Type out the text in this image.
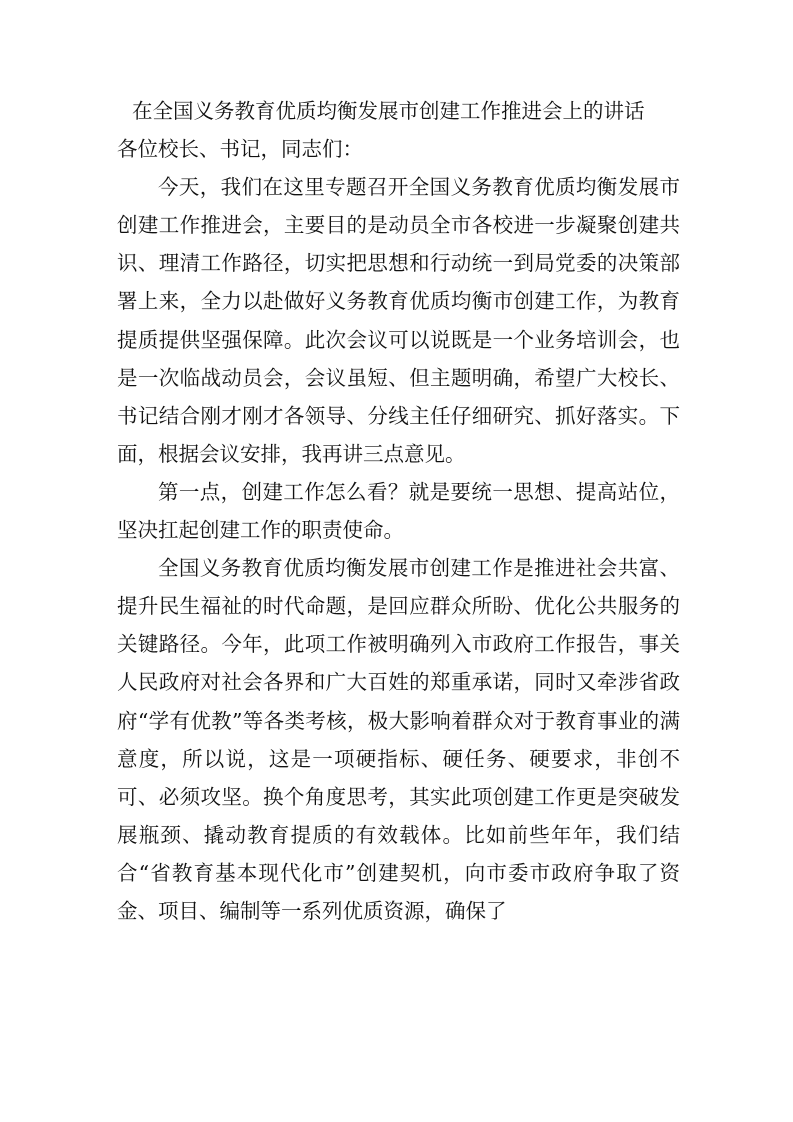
在全国义务教育优质均衡发展市创建工作推进会上的讲话

各位校长、书记，同志们：

今天，我们在这里专题召开全国义务教育优质均衡发展市创建工作推进会，主要目的是动员全市各校进一步凝聚创建共识、理清工作路径，切实把思想和行动统一到局党委的决策部署上来，全力以赴做好义务教育优质均衡市创建工作，为教育提质提供坚强保障。此次会议可以说既是一个业务培训会，也是一次临战动员会，会议虽短、但主题明确，希望广大校长、书记结合刚才刚才各领导、分线主任仔细研究、抓好落实。下面，根据会议安排，我再讲三点意见。

第一点，创建工作怎么看？就是要统一思想、提高站位，坚决扛起创建工作的职责使命。

全国义务教育优质均衡发展市创建工作是推进社会共富、提升民生福祉的时代命题，是回应群众所盼、优化公共服务的关键路径。今年，此项工作被明确列入市政府工作报告，事关人民政府对社会各界和广大百姓的郑重承诺，同时又牵涉省政府“学有优教”等各类考核，极大影响着群众对于教育事业的满意度，所以说，这是一项硬指标、硬任务、硬要求，非创不可、必须攻坚。换个角度思考，其实此项创建工作更是突破发展瓶颈、撬动教育提质的有效载体。比如前些年年，我们结合“省教育基本现代化市”创建契机，向市委市政府争取了资金、项目、编制等一系列优质资源，确保了
